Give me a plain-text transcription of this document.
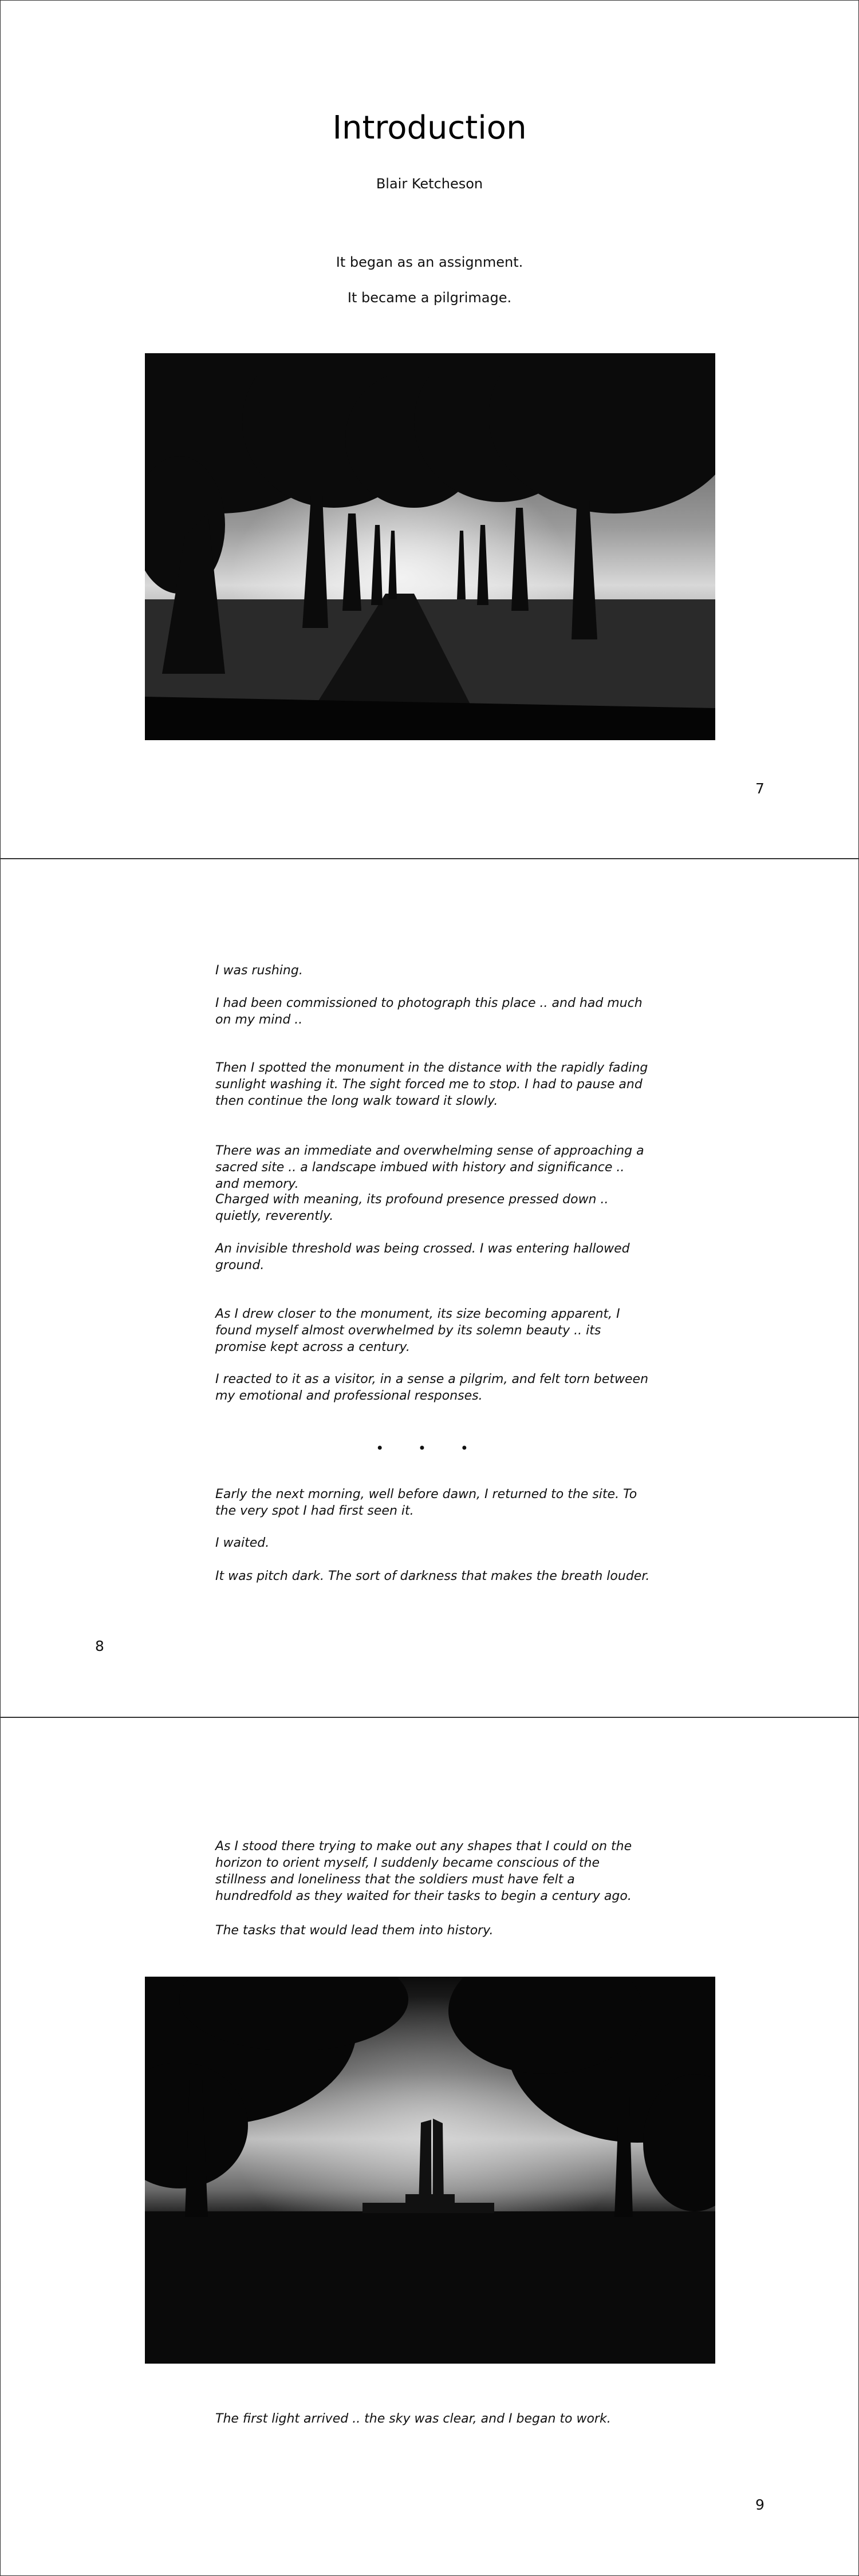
Introduction
Blair Ketcheson
It began as an assignment.
It became a pilgrimage.
7

I was rushing.

I had been commissioned to photograph this place .. and had much on my mind ..

Then I spotted the monument in the distance with the rapidly fading sunlight washing it. The sight forced me to stop. I had to pause and then continue the long walk toward it slowly.

There was an immediate and overwhelming sense of approaching a sacred site .. a landscape imbued with history and significance .. and memory.

Charged with meaning, its profound presence pressed down .. quietly, reverently.

An invisible threshold was being crossed. I was entering hallowed ground.

As I drew closer to the monument, its size becoming apparent, I found myself almost overwhelmed by its solemn beauty .. its promise kept across a century.

I reacted to it as a visitor, in a sense a pilgrim, and felt torn between my emotional and professional responses.

• • •

Early the next morning, well before dawn, I returned to the site. To the very spot I had first seen it.

I waited.

It was pitch dark. The sort of darkness that makes the breath louder.

8

As I stood there trying to make out any shapes that I could on the horizon to orient myself, I suddenly became conscious of the stillness and loneliness that the soldiers must have felt a hundredfold as they waited for their tasks to begin a century ago.

The tasks that would lead them into history.

The first light arrived .. the sky was clear, and I began to work.

9
